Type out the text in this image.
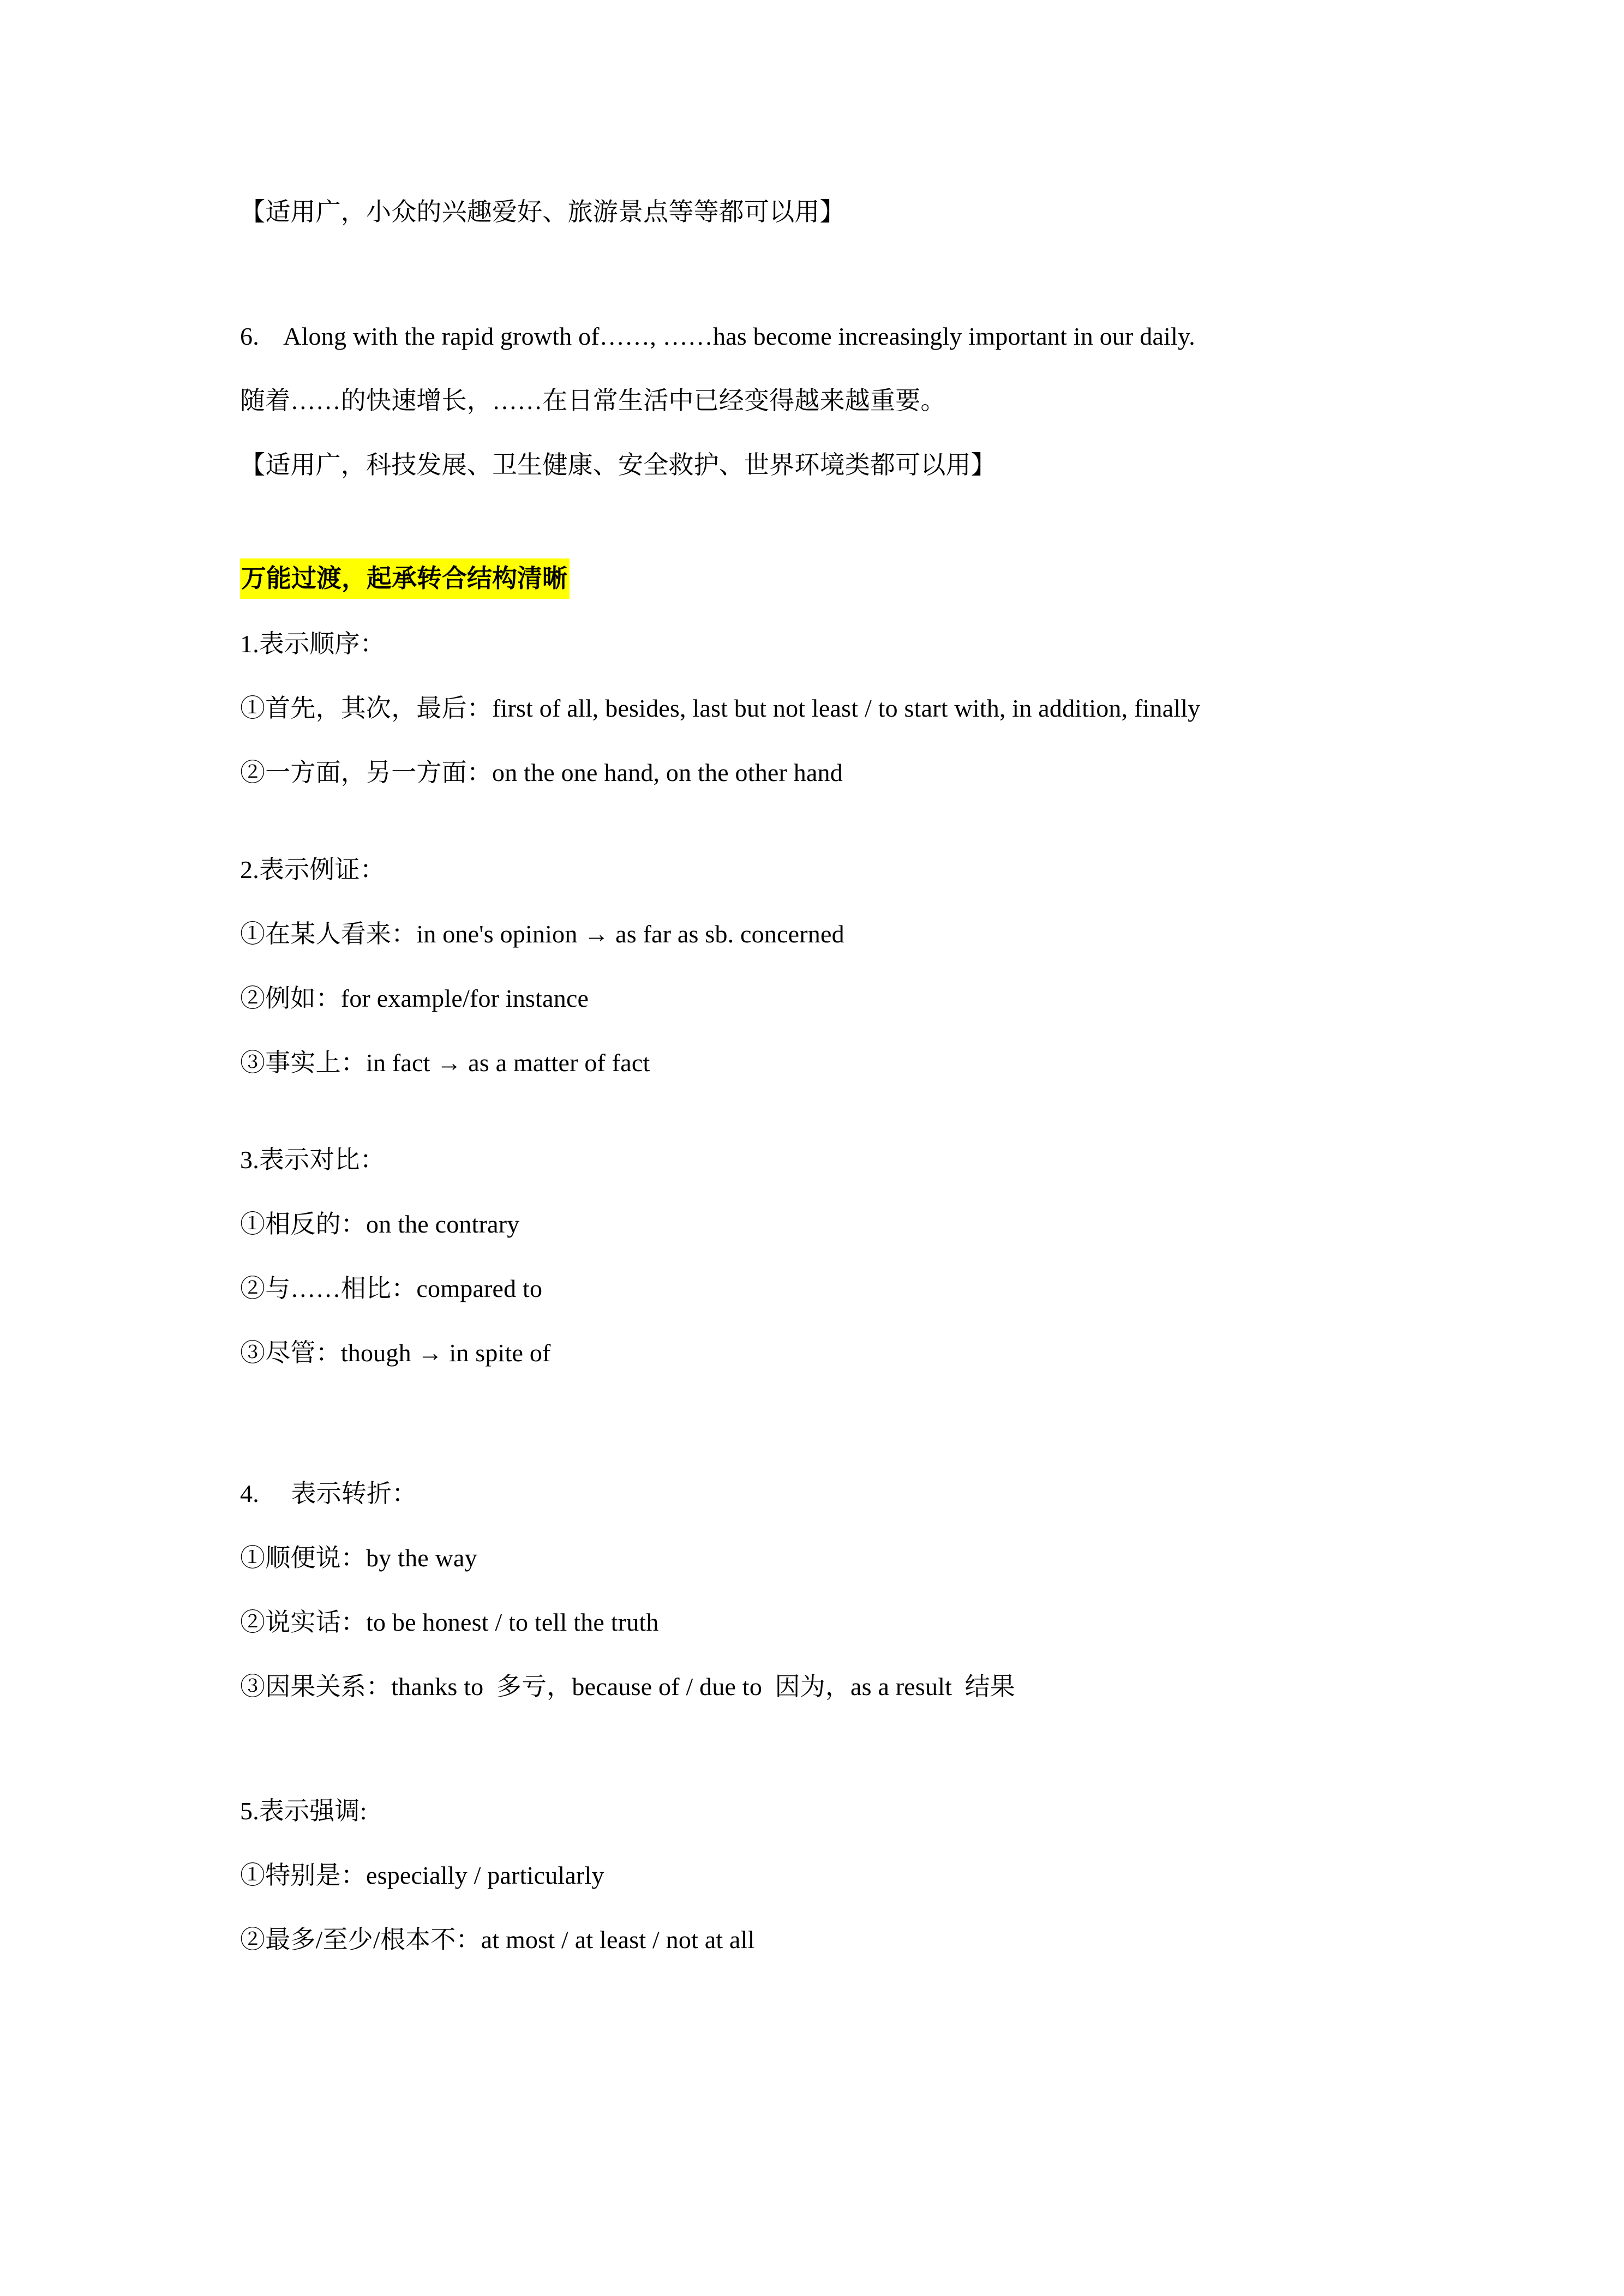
【适用广，小众的兴趣爱好、旅游景点等等都可以用】
6.    Along with the rapid growth of……, ……has become increasingly important in our daily.
随着……的快速增长，……在日常生活中已经变得越来越重要。
【适用广，科技发展、卫生健康、安全救护、世界环境类都可以用】
万能过渡，起承转合结构清晰
1.表示顺序：
①首先，其次，最后：first of all, besides, last but not least / to start with, in addition, finally
②一方面，另一方面：on the one hand, on the other hand
2.表示例证：
①在某人看来：in one's opinion → as far as sb. concerned
②例如：for example/for instance
③事实上：in fact → as a matter of fact
3.表示对比：
①相反的：on the contrary
②与……相比：compared to
③尽管：though → in spite of
4.     表示转折：
①顺便说：by the way
②说实话：to be honest / to tell the truth
③因果关系：thanks to  多亏，because of / due to  因为，as a result  结果
5.表示强调:
①特别是：especially / particularly
②最多/至少/根本不：at most / at least / not at all
